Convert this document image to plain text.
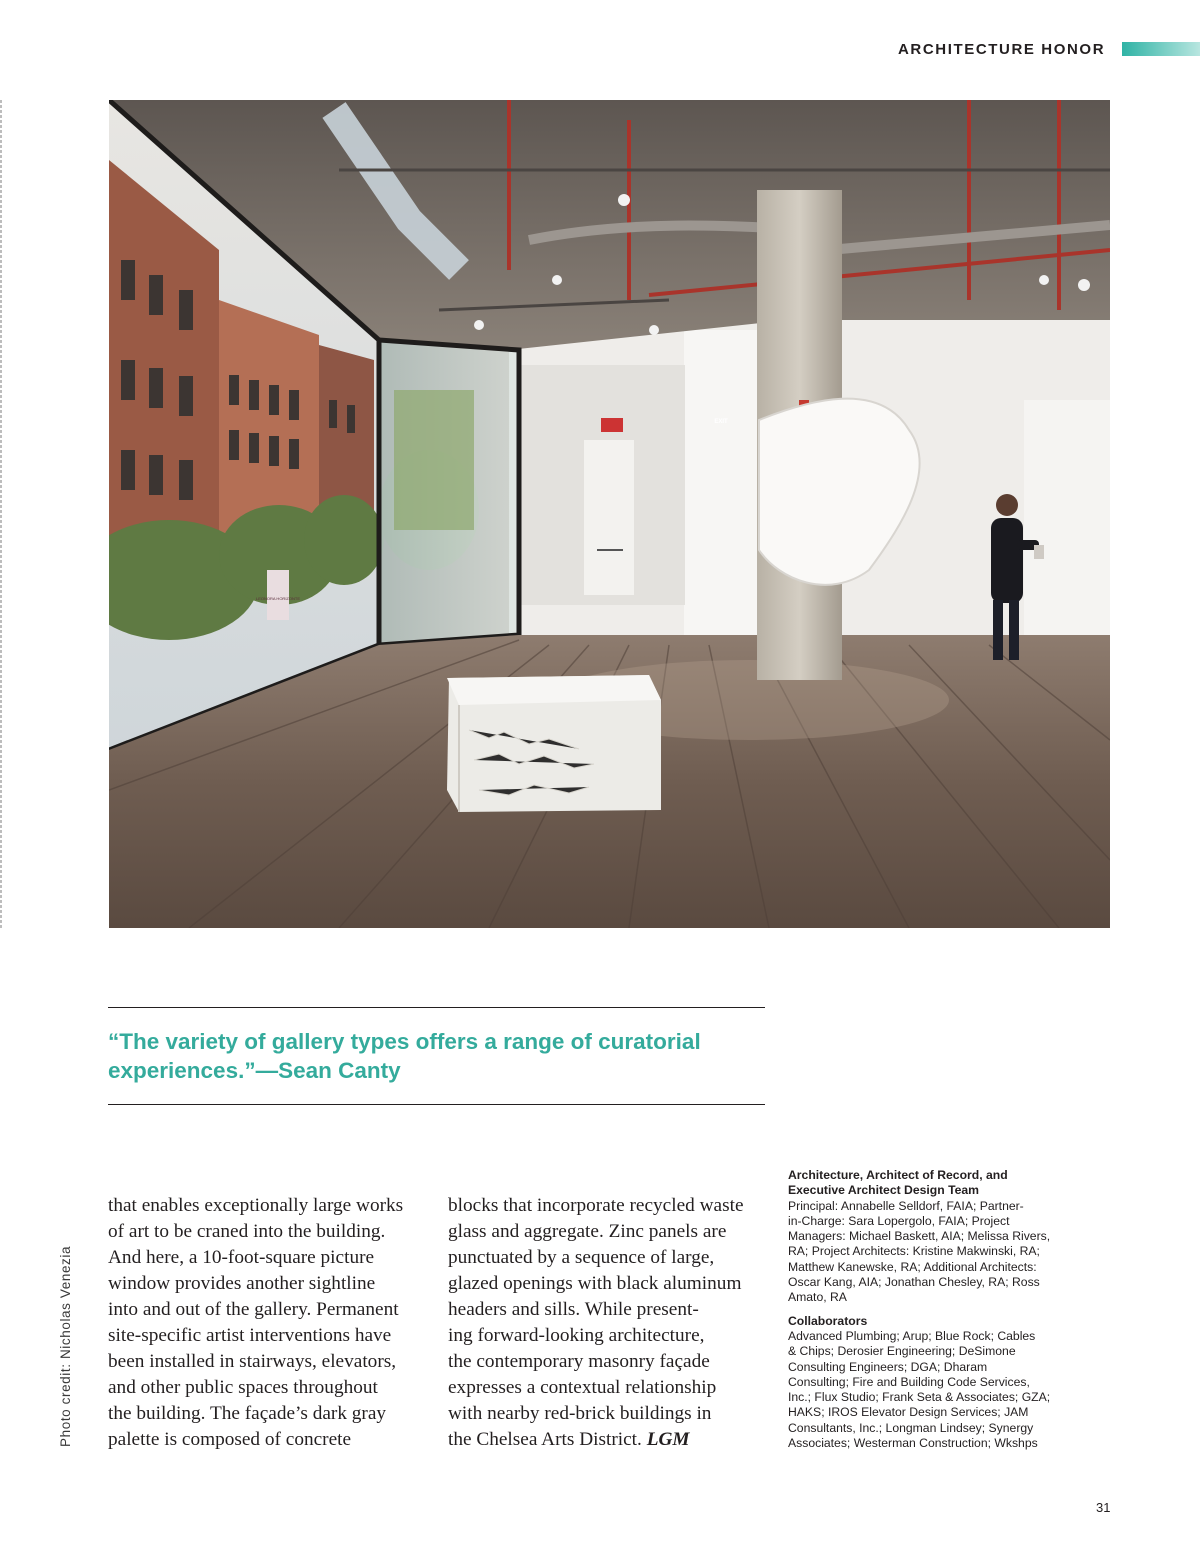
ARCHITECTURE HONOR
LEONORA HORIZONTE
EXIT
Photo credit: Nicholas Venezia
“The variety of gallery types offers a range of curatorial experiences.”—Sean Canty
that enables exceptionally large works
of art to be craned into the building.
And here, a 10-foot-square picture
window provides another sightline
into and out of the gallery. Permanent
site-specific artist interventions have
been installed in stairways, elevators,
and other public spaces throughout
the building. The façade’s dark gray
palette is composed of concrete
blocks that incorporate recycled waste
glass and aggregate. Zinc panels are
punctuated by a sequence of large,
glazed openings with black aluminum
headers and sills. While present-
ing forward-looking architecture,
the contemporary masonry façade
expresses a contextual relationship
with nearby red-brick buildings in
the Chelsea Arts District. LGM
Architecture, Architect of Record, and
Executive Architect Design Team
Principal: Annabelle Selldorf, FAIA; Partner-
in-Charge: Sara Lopergolo, FAIA; Project
Managers: Michael Baskett, AIA; Melissa Rivers,
RA; Project Architects: Kristine Makwinski, RA;
Matthew Kanewske, RA; Additional Architects:
Oscar Kang, AIA; Jonathan Chesley, RA; Ross
Amato, RA
Collaborators
Advanced Plumbing; Arup; Blue Rock; Cables
& Chips; Derosier Engineering; DeSimone
Consulting Engineers; DGA; Dharam
Consulting; Fire and Building Code Services,
Inc.; Flux Studio; Frank Seta & Associates; GZA;
HAKS; IROS Elevator Design Services; JAM
Consultants, Inc.; Longman Lindsey; Synergy
Associates; Westerman Construction; Wkshps
31
